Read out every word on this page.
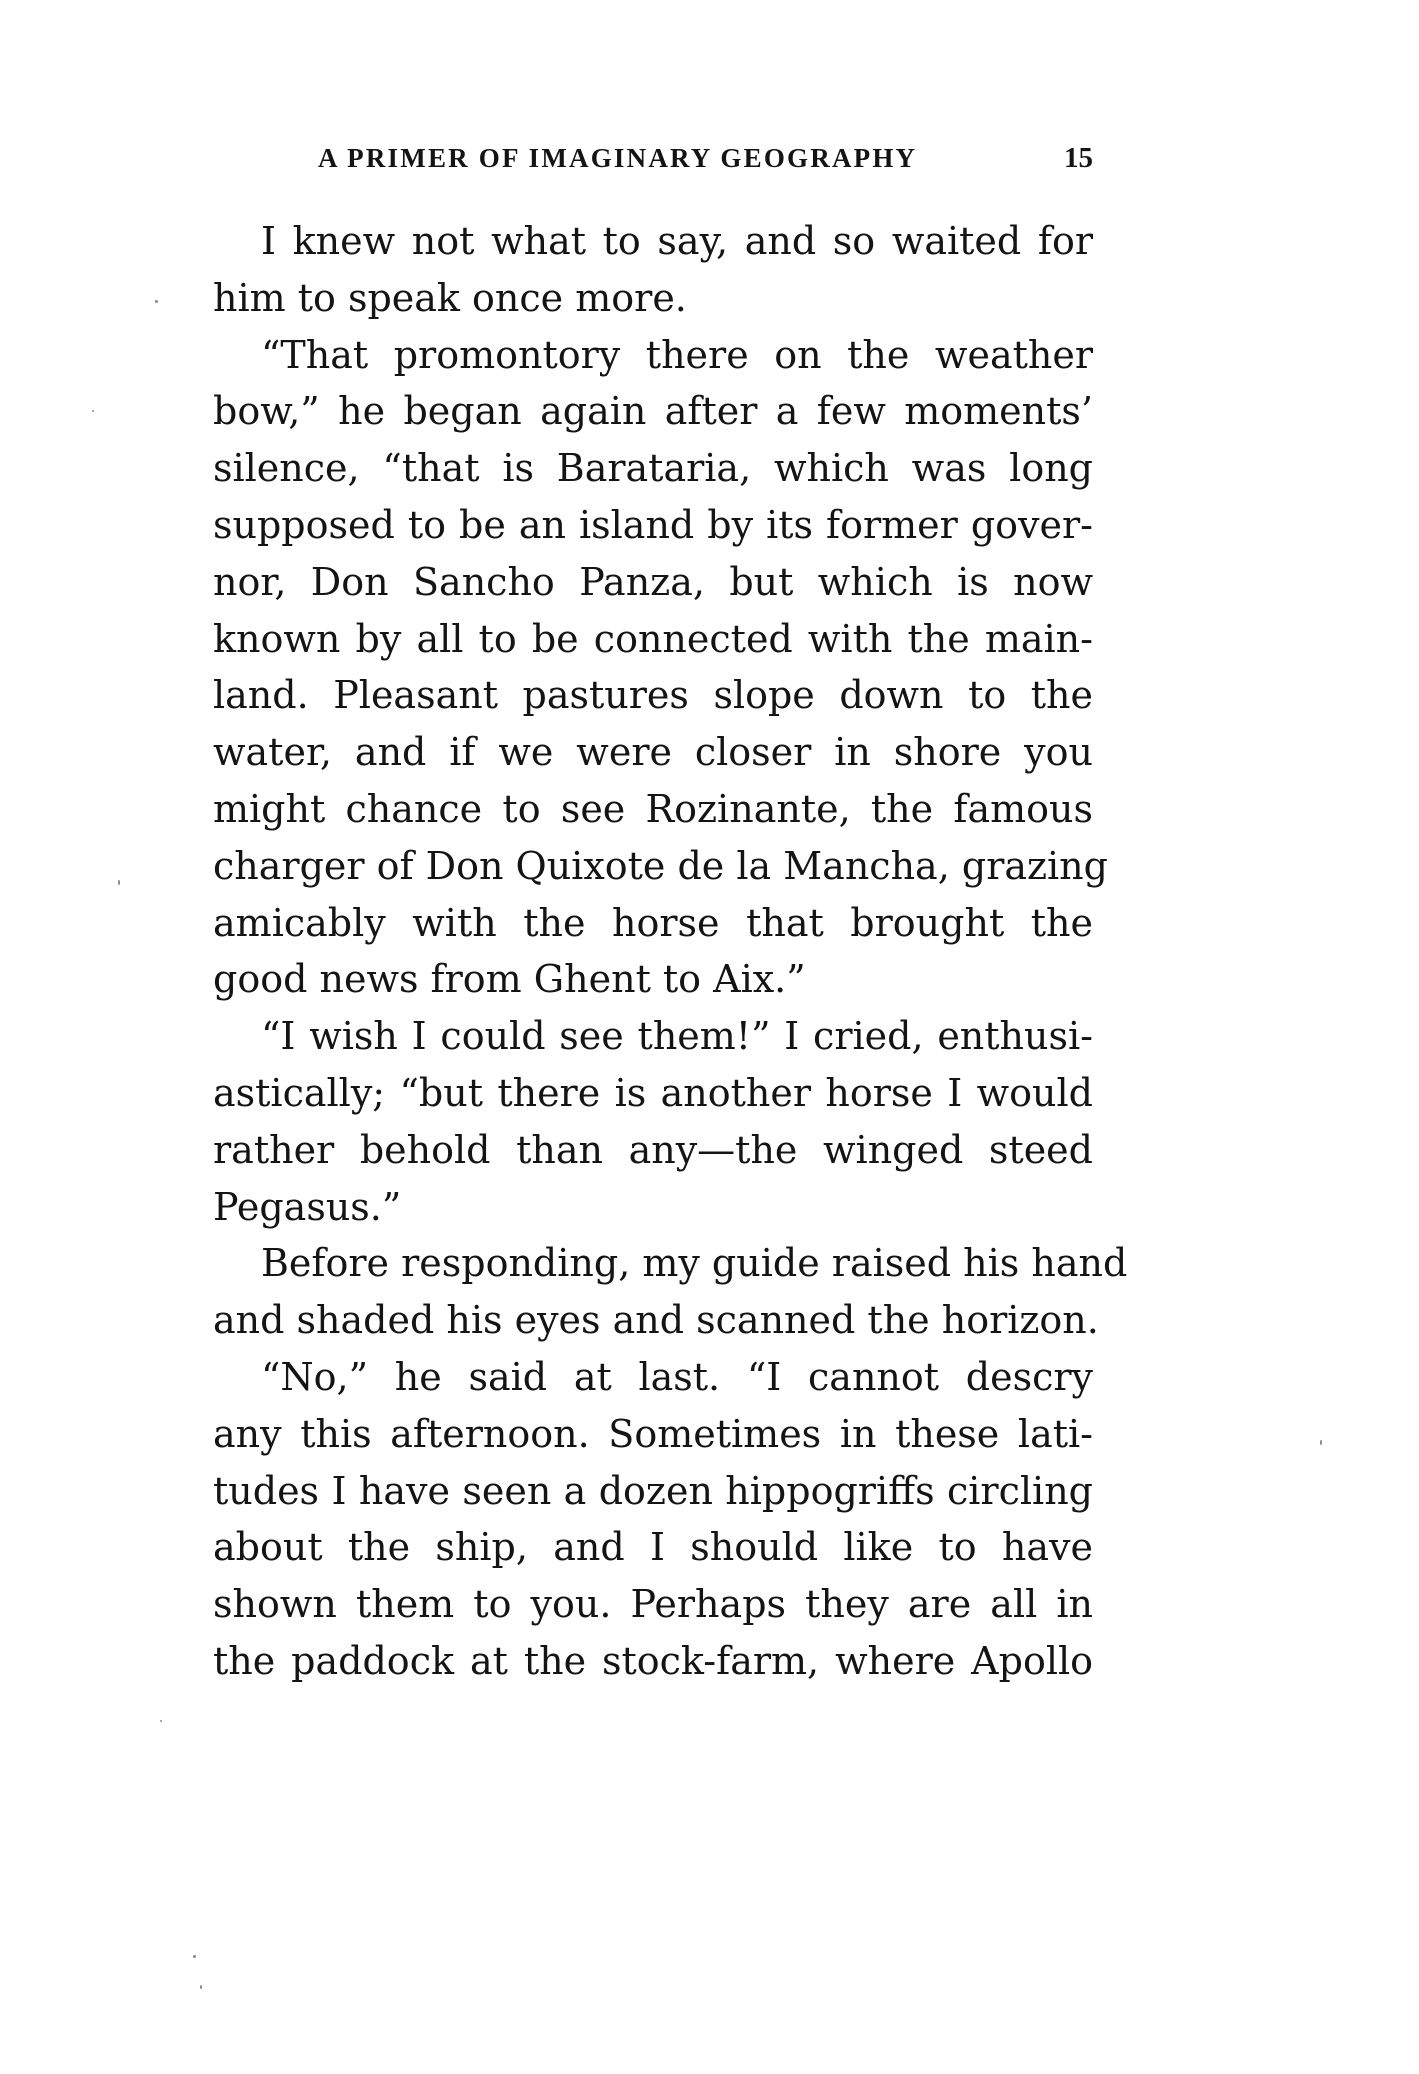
A PRIMER OF IMAGINARY GEOGRAPHY	15
I knew not what to say, and so waited for
him to speak once more.
“That promontory there on the weather
bow,” he began again after a few moments’
silence, “that is Barataria, which was long
supposed to be an island by its former gover-
nor, Don Sancho Panza, but which is now
known by all to be connected with the main-
land. Pleasant pastures slope down to the
water, and if we were closer in shore you
might chance to see Rozinante, the famous
charger of Don Quixote de la Mancha, grazing
amicably with the horse that brought the
good news from Ghent to Aix.”
“I wish I could see them!” I cried, enthusi-
astically; “but there is another horse I would
rather behold than any—the winged steed
Pegasus.”
Before responding, my guide raised his hand
and shaded his eyes and scanned the horizon.
“No,” he said at last. “I cannot descry
any this afternoon. Sometimes in these lati-
tudes I have seen a dozen hippogriffs circling
about the ship, and I should like to have
shown them to you. Perhaps they are all in
the paddock at the stock-farm, where Apollo
